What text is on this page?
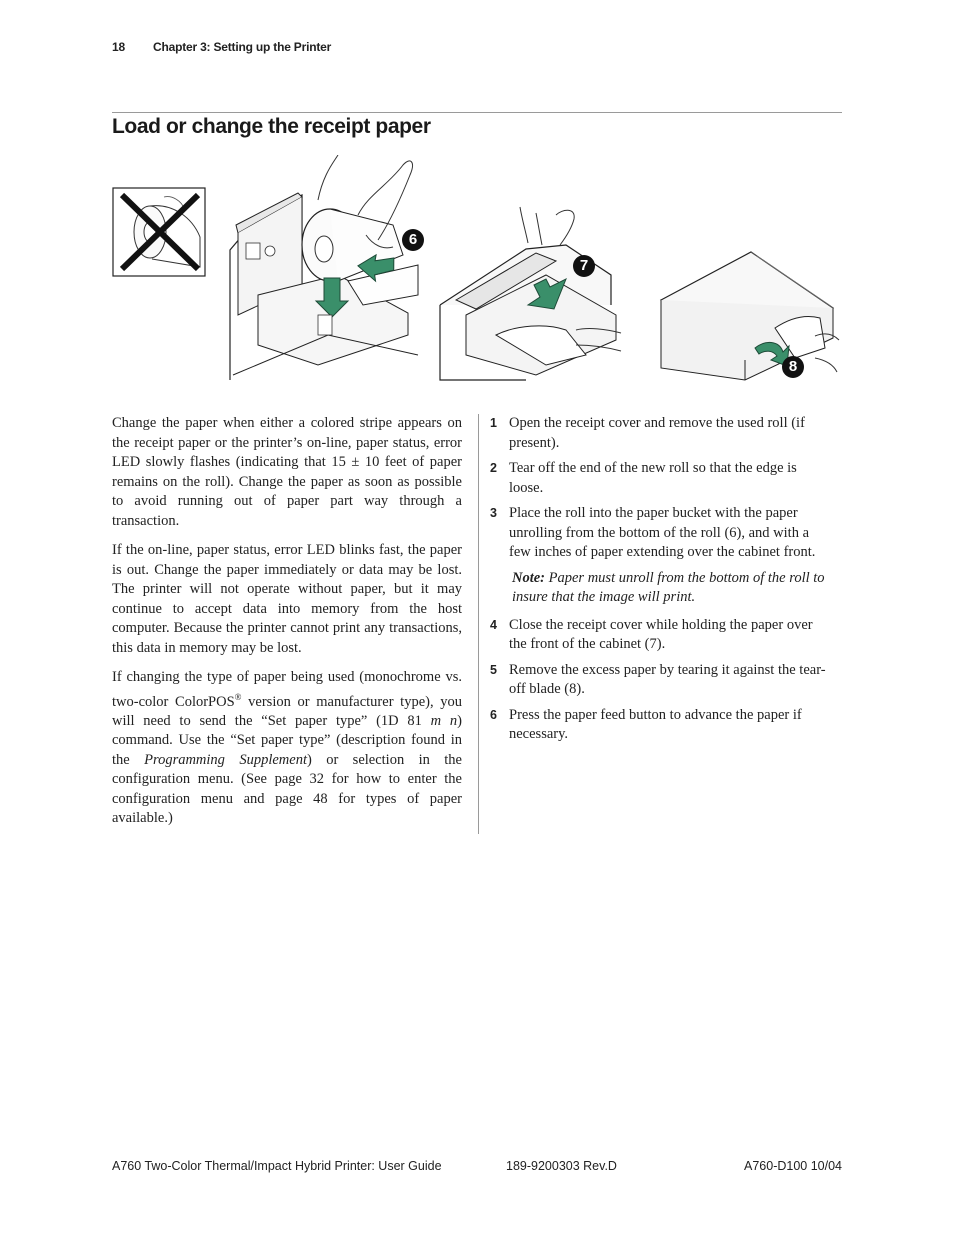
18 Chapter 3: Setting up the Printer
Load or change the receipt paper
6
7
8

Change the paper when either a colored stripe appears on the receipt paper or the printer’s on-line, paper status, error LED slowly flashes (indicating that 15 ± 10 feet of paper remains on the roll). Change the paper as soon as possible to avoid running out of paper part way through a transaction.

If the on-line, paper status, error LED blinks fast, the paper is out. Change the paper immediately or data may be lost. The printer will not operate without paper, but it may continue to accept data into memory from the host computer. Because the printer cannot print any transactions, this data in memory may be lost.

If changing the type of paper being used (monochrome vs. two-color ColorPOS® version or manufacturer type), you will need to send the “Set paper type” (1D 81 m n) command. Use the “Set paper type” (description found in the Programming Supplement) or selection in the configuration menu. (See page 32 for how to enter the configuration menu and page 48 for types of paper available.)

1 Open the receipt cover and remove the used roll (if present).
2 Tear off the end of the new roll so that the edge is loose.
3 Place the roll into the paper bucket with the paper unrolling from the bottom of the roll (6), and with a few inches of paper extending over the cabinet front.
Note: Paper must unroll from the bottom of the roll to insure that the image will print.
4 Close the receipt cover while holding the paper over the front of the cabinet (7).
5 Remove the excess paper by tearing it against the tear-off blade (8).
6 Press the paper feed button to advance the paper if necessary.
A760 Two-Color Thermal/Impact Hybrid Printer: User Guide	189-9200303 Rev.D	A760-D100 10/04
